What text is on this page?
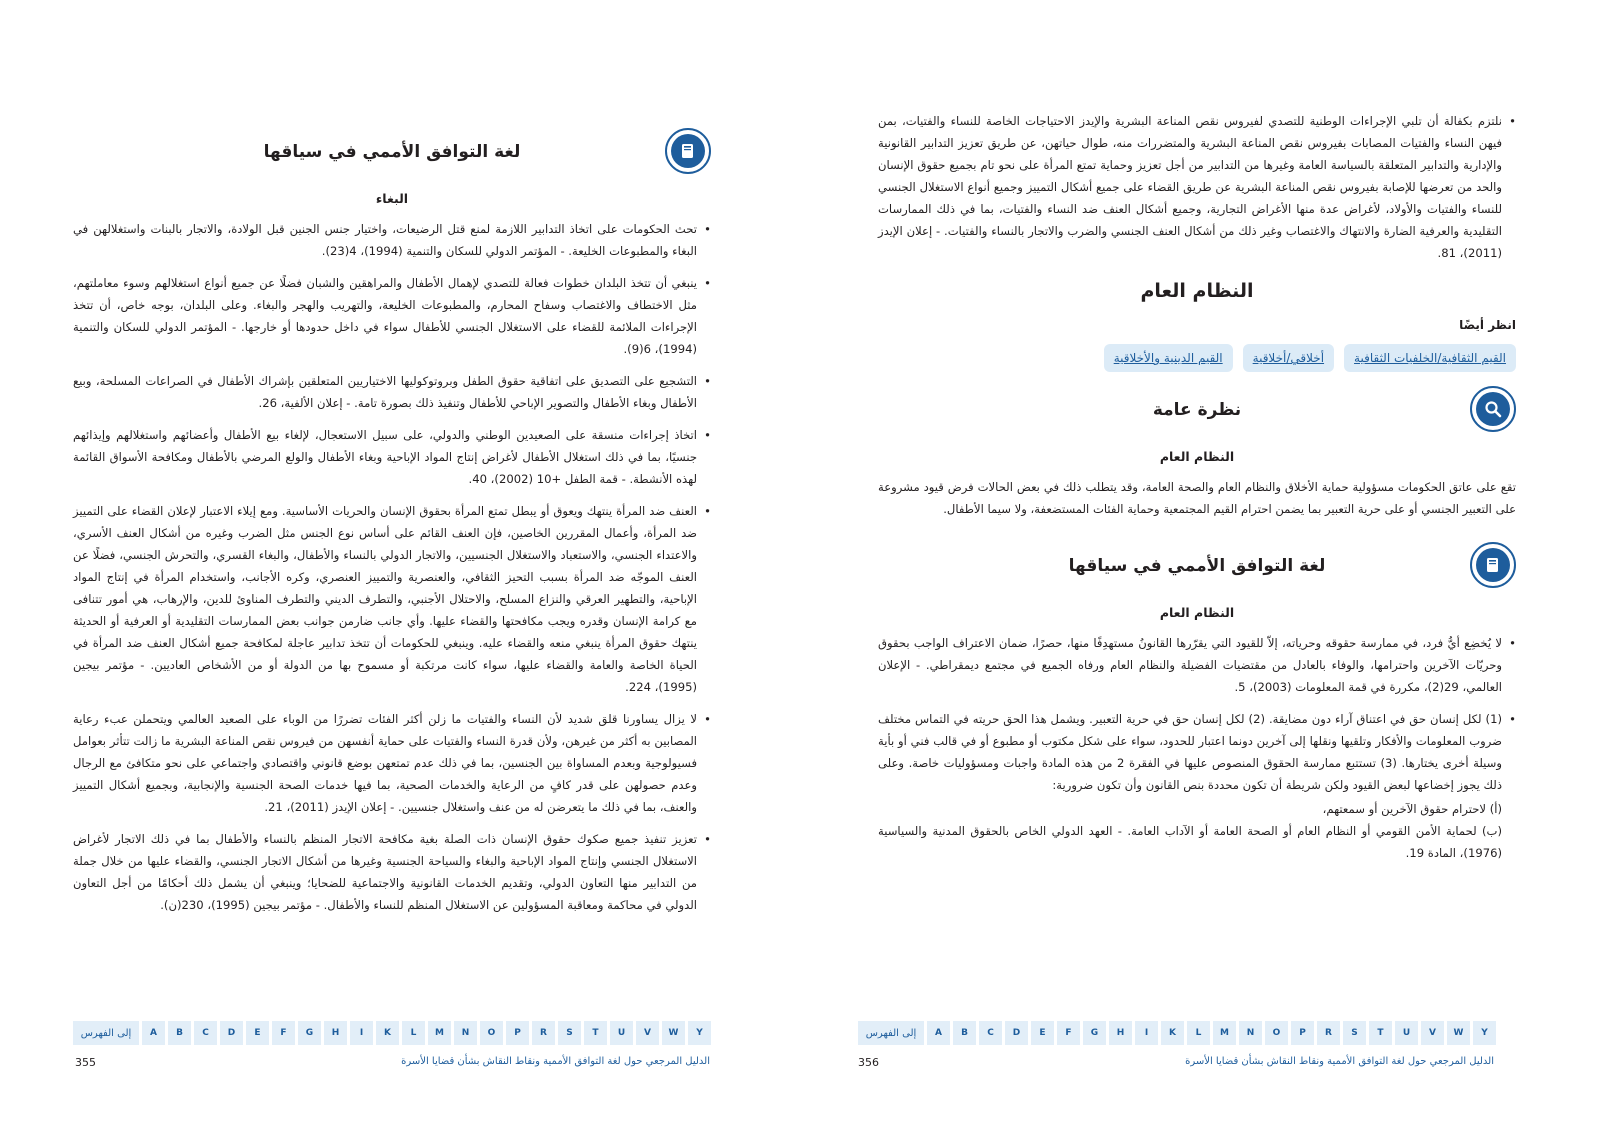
لغة التوافق الأممي في سياقها
البغاء
• تحث الحكومات على اتخاذ التدابير اللازمة لمنع قتل الرضيعات، واختيار جنس الجنين قبل الولادة، والاتجار بالبنات واستغلالهن في البغاء والمطبوعات الخليعة. - المؤتمر الدولي للسكان والتنمية (1994)، 4(23).
• ينبغي أن تتخذ البلدان خطوات فعالة للتصدي لإهمال الأطفال والمراهقين والشبان فضلًا عن جميع أنواع استغلالهم وسوء معاملتهم، مثل الاختطاف والاغتصاب وسفاح المحارم، والمطبوعات الخليعة، والتهريب والهجر والبغاء. وعلى البلدان، بوجه خاص، أن تتخذ الإجراءات الملائمة للقضاء على الاستغلال الجنسي للأطفال سواء في داخل حدودها أو خارجها. - المؤتمر الدولي للسكان والتنمية (1994)، 6(9).
• التشجيع على التصديق على اتفاقية حقوق الطفل وبروتوكوليها الاختياريين المتعلقين بإشراك الأطفال في الصراعات المسلحة، وبيع الأطفال وبغاء الأطفال والتصوير الإباحي للأطفال وتنفيذ ذلك بصورة تامة. - إعلان الألفية، 26.
• اتخاذ إجراءات منسقة على الصعيدين الوطني والدولي، على سبيل الاستعجال، لإلغاء بيع الأطفال وأعضائهم واستغلالهم وإيذائهم جنسيًا، بما في ذلك استغلال الأطفال لأغراض إنتاج المواد الإباحية وبغاء الأطفال والولع المرضي بالأطفال ومكافحة الأسواق القائمة لهذه الأنشطة. - قمة الطفل +10 (2002)، 40.
• العنف ضد المرأة ينتهك ويعوق أو يبطل تمتع المرأة بحقوق الإنسان والحريات الأساسية. ومع إيلاء الاعتبار لإعلان القضاء على التمييز ضد المرأة، وأعمال المقررين الخاصين، فإن العنف القائم على أساس نوع الجنس مثل الضرب وغيره من أشكال العنف الأسري، والاعتداء الجنسي، والاستعباد والاستغلال الجنسيين، والاتجار الدولي بالنساء والأطفال، والبغاء القسري، والتحرش الجنسي، فضلًا عن العنف الموجّه ضد المرأة بسبب التحيز الثقافي، والعنصرية والتمييز العنصري، وكره الأجانب، واستخدام المرأة في إنتاج المواد الإباحية، والتطهير العرقي والنزاع المسلح، والاحتلال الأجنبي، والتطرف الديني والتطرف المناوئ للدين، والإرهاب، هي أمور تتنافى مع كرامة الإنسان وقدره ويجب مكافحتها والقضاء عليها. وأي جانب ضارمن جوانب بعض الممارسات التقليدية أو العرفية أو الحديثة ينتهك حقوق المرأة ينبغي منعه والقضاء عليه. وينبغي للحكومات أن تتخذ تدابير عاجلة لمكافحة جميع أشكال العنف ضد المرأة في الحياة الخاصة والعامة والقضاء عليها، سواء كانت مرتكبة أو مسموح بها من الدولة أو من الأشخاص العاديين. - مؤتمر بيجين (1995)، 224.
• لا يزال يساورنا قلق شديد لأن النساء والفتيات ما زلن أكثر الفئات تضررًا من الوباء على الصعيد العالمي ويتحملن عبء رعاية المصابين به أكثر من غيرهن، ولأن قدرة النساء والفتيات على حماية أنفسهن من فيروس نقص المناعة البشرية ما زالت تتأثر بعوامل فسيولوجية وبعدم المساواة بين الجنسين، بما في ذلك عدم تمتعهن بوضع قانوني واقتصادي واجتماعي على نحو متكافئ مع الرجال وعدم حصولهن على قدر كافٍ من الرعاية والخدمات الصحية، بما فيها خدمات الصحة الجنسية والإنجابية، وبجميع أشكال التمييز والعنف، بما في ذلك ما يتعرضن له من عنف واستغلال جنسيين. - إعلان الإيدز (2011)، 21.
• تعزيز تنفيذ جميع صكوك حقوق الإنسان ذات الصلة بغية مكافحة الاتجار المنظم بالنساء والأطفال بما في ذلك الاتجار لأغراض الاستغلال الجنسي وإنتاج المواد الإباحية والبغاء والسياحة الجنسية وغيرها من أشكال الاتجار الجنسي، والقضاء عليها من خلال جملة من التدابير منها التعاون الدولي، وتقديم الخدمات القانونية والاجتماعية للضحايا؛ وينبغي أن يشمل ذلك أحكامًا من أجل التعاون الدولي في محاكمة ومعاقبة المسؤولين عن الاستغلال المنظم للنساء والأطفال. - مؤتمر بيجين (1995)، 230(ن).
إلى الفهرس	A	B	C	D	E	F	G	H	I	K	L	M	N	O	P	R	S	T	U	V	W	Y
الدليل المرجعي حول لغة التوافق الأممية ونقاط النقاش بشأن قضايا الأسرة
355
• نلتزم بكفالة أن تلبي الإجراءات الوطنية للتصدي لفيروس نقص المناعة البشرية والإيدز الاحتياجات الخاصة للنساء والفتيات، بمن فيهن النساء والفتيات المصابات بفيروس نقص المناعة البشرية والمتضررات منه، طوال حياتهن، عن طريق تعزيز التدابير القانونية والإدارية والتدابير المتعلقة بالسياسة العامة وغيرها من التدابير من أجل تعزيز وحماية تمتع المرأة على نحو تام بجميع حقوق الإنسان والحد من تعرضها للإصابة بفيروس نقص المناعة البشرية عن طريق القضاء على جميع أشكال التمييز وجميع أنواع الاستغلال الجنسي للنساء والفتيات والأولاد، لأغراض عدة منها الأغراض التجارية، وجميع أشكال العنف ضد النساء والفتيات، بما في ذلك الممارسات التقليدية والعرفية الضارة والانتهاك والاغتصاب وغير ذلك من أشكال العنف الجنسي والضرب والاتجار بالنساء والفتيات. - إعلان الإيدز (2011)، 81.
النظام العام
انظر أيضًا
القيم الثقافية/الخلفيات الثقافية
أخلاقي/أخلاقية
القيم الدينية والأخلاقية
نظرة عامة
النظام العام
تقع على عاتق الحكومات مسؤولية حماية الأخلاق والنظام العام والصحة العامة، وقد يتطلب ذلك في بعض الحالات فرض قيود مشروعة على التعبير الجنسي أو على حرية التعبير بما يضمن احترام القيم المجتمعية وحماية الفئات المستضعفة، ولا سيما الأطفال.
لغة التوافق الأممي في سياقها
النظام العام
• لا يُخضِع أيُّ فرد، في ممارسة حقوقه وحرياته، إلاّ للقيود التي يقرّرها القانونُ مستهدِفًا منها، حصرًا، ضمان الاعتراف الواجب بحقوق وحريّات الآخرين واحترامها، والوفاء بالعادل من مقتضيات الفضيلة والنظام العام ورفاه الجميع في مجتمع ديمقراطي. - الإعلان العالمي، 29(2)، مكررة في قمة المعلومات (2003)، 5.
• (1) لكل إنسان حق في اعتناق آراء دون مضايقة. (2) لكل إنسان حق في حرية التعبير. ويشمل هذا الحق حريته في التماس مختلف ضروب المعلومات والأفكار وتلقيها ونقلها إلى آخرين دونما اعتبار للحدود، سواء على شكل مكتوب أو مطبوع أو في قالب فني أو بأية وسيلة أخرى يختارها. (3) تستتبع ممارسة الحقوق المنصوص عليها في الفقرة 2 من هذه المادة واجبات ومسؤوليات خاصة. وعلى ذلك يجوز إخضاعها لبعض القيود ولكن شريطة أن تكون محددة بنص القانون وأن تكون ضرورية:
(أ) لاحترام حقوق الآخرين أو سمعتهم،
(ب) لحماية الأمن القومي أو النظام العام أو الصحة العامة أو الآداب العامة. - العهد الدولي الخاص بالحقوق المدنية والسياسية (1976)، المادة 19.
إلى الفهرس	A	B	C	D	E	F	G	H	I	K	L	M	N	O	P	R	S	T	U	V	W	Y
الدليل المرجعي حول لغة التوافق الأممية ونقاط النقاش بشأن قضايا الأسرة
356
